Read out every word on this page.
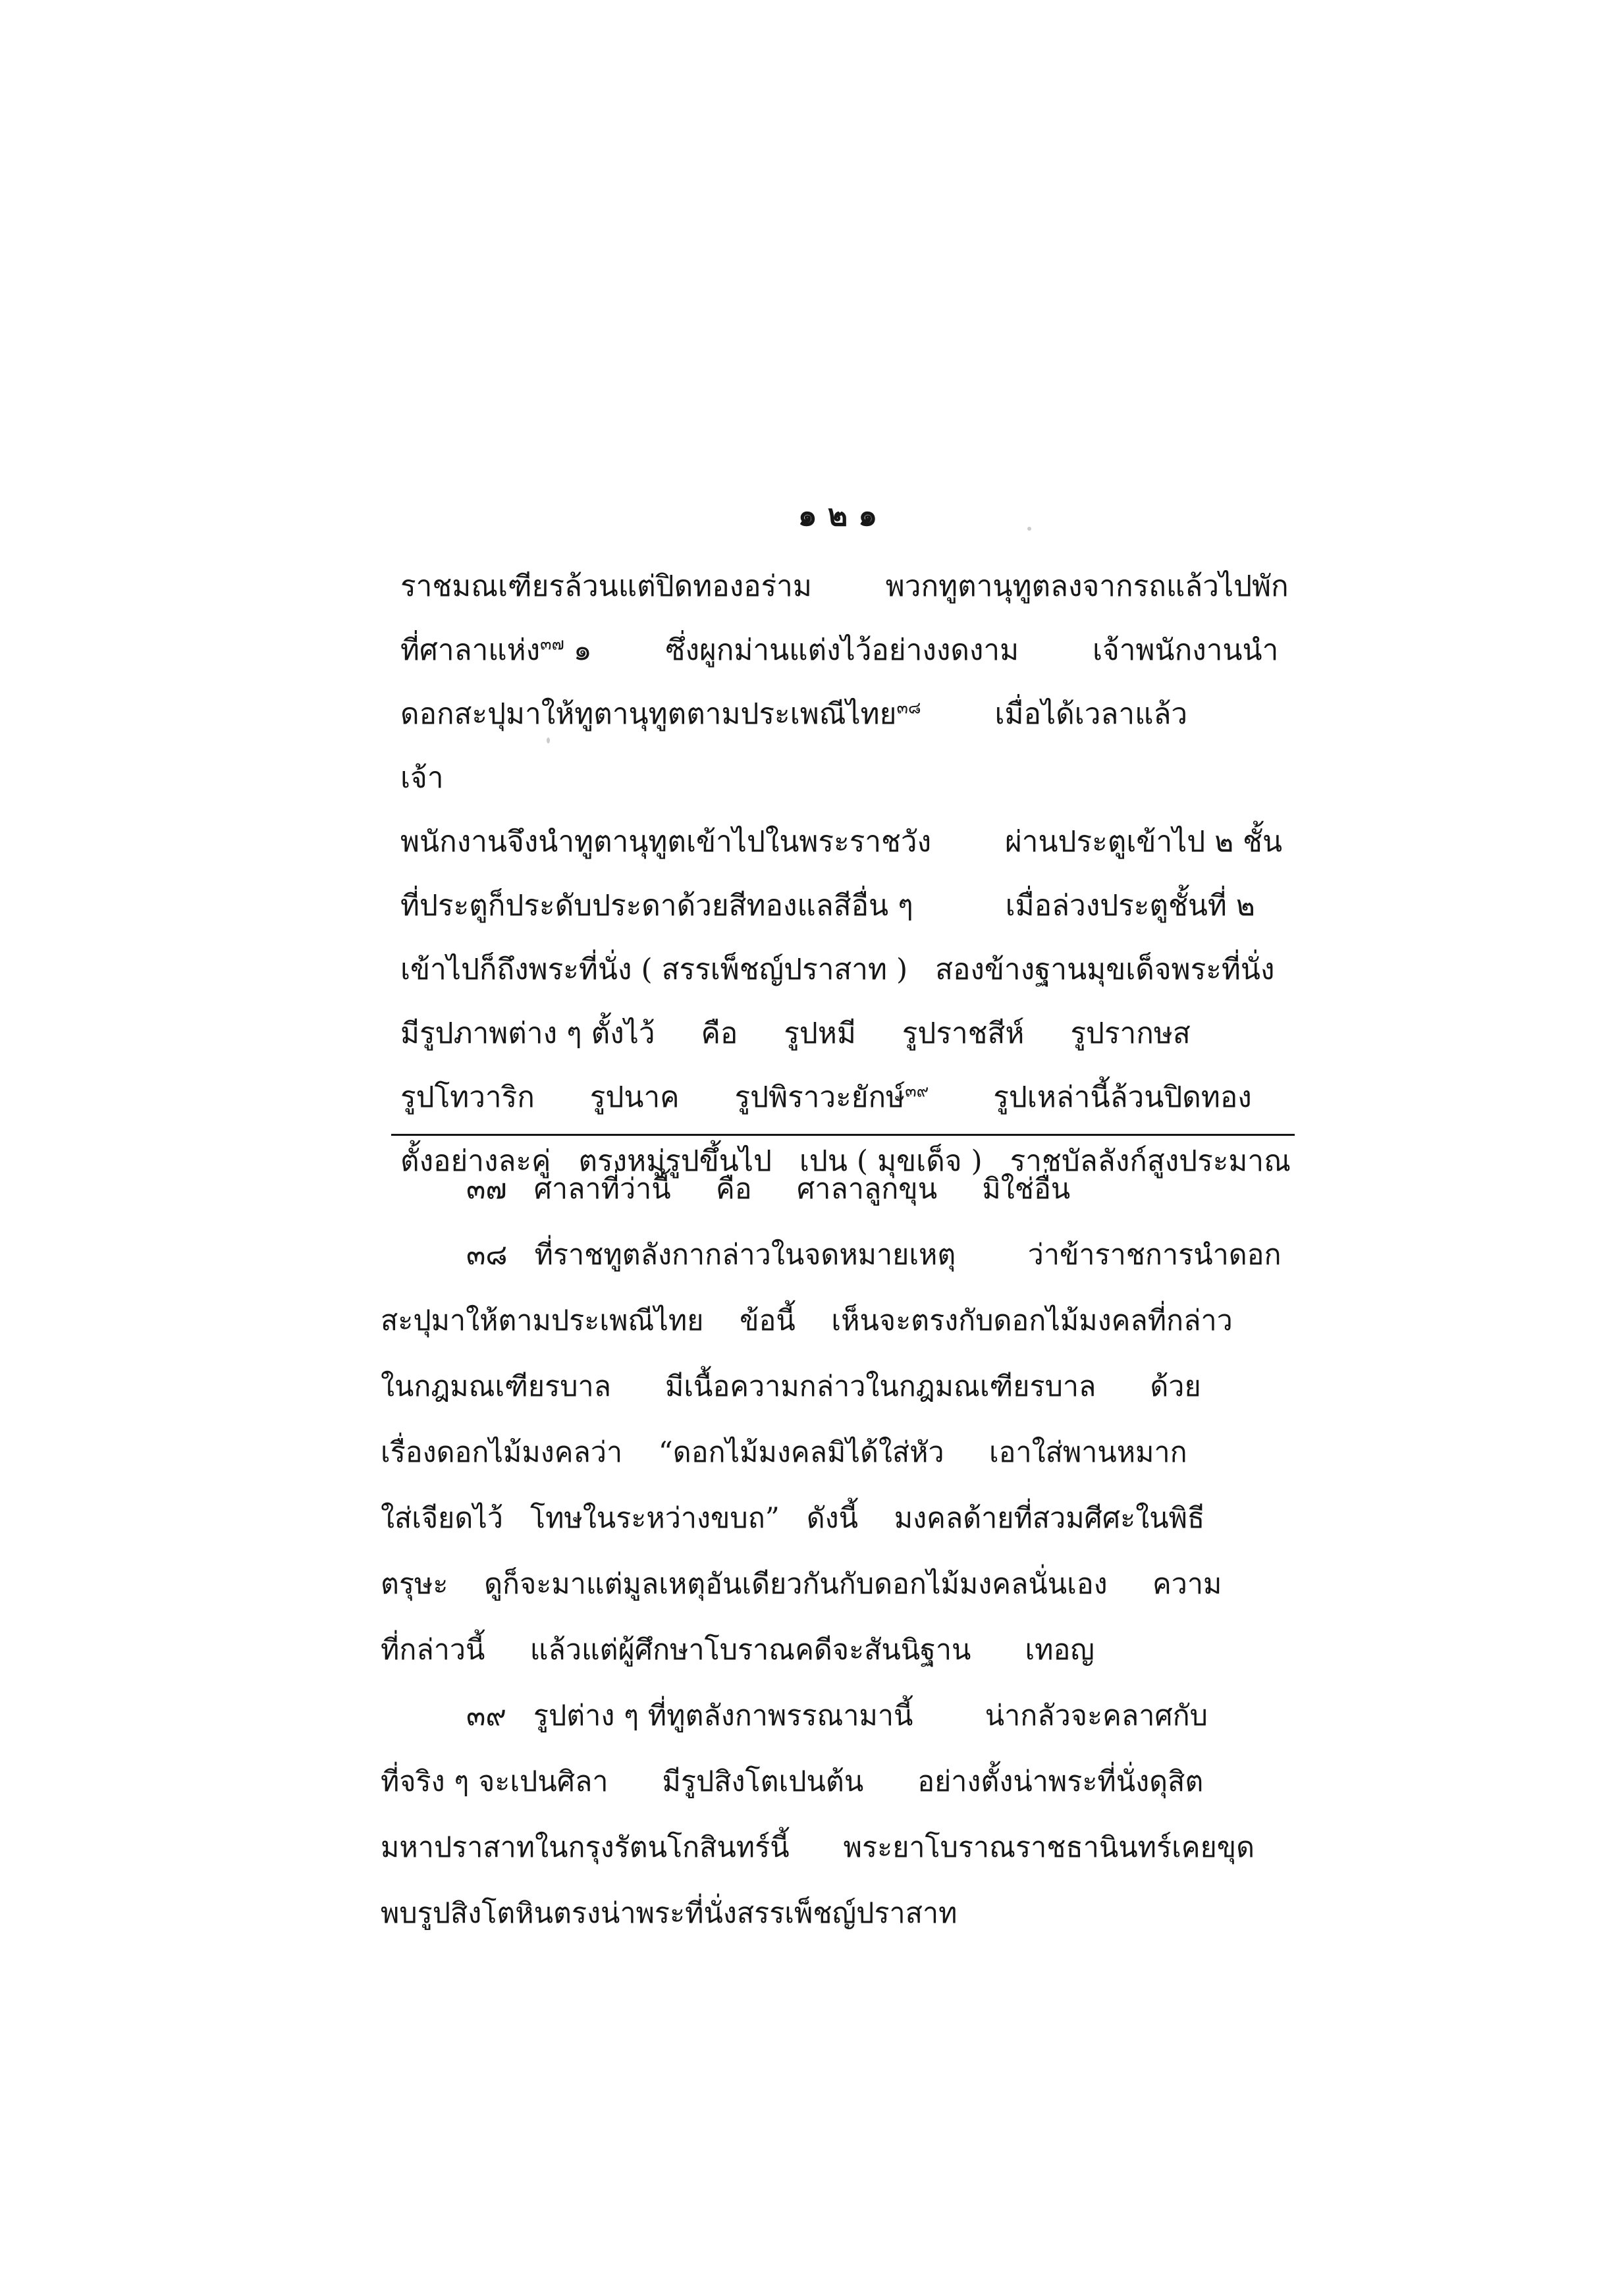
๑๒๑
ราชมณเฑียรล้วนแต่ปิดทองอร่าม        พวกทูตานุทูตลงจากรถแล้วไปพัก
ที่ศาลาแห่ง$^{๓๗}$ ๑        ซึ่งผูกม่านแต่งไว้อย่างงดงาม        เจ้าพนักงานนำ
ดอกสะปุมาให้ทูตานุทูตตามประเพณีไทย$^{๓๘}$        เมื่อได้เวลาแล้ว        เจ้า
พนักงานจึงนำทูตานุทูตเข้าไปในพระราชวัง        ผ่านประตูเข้าไป ๒ ชั้น
ที่ประตูก็ประดับประดาด้วยสีทองแลสีอื่น ๆ          เมื่อล่วงประตูชั้นที่ ๒
เข้าไปก็ถึงพระที่นั่ง ( สรรเพ็ชญ์ปราสาท )   สองข้างฐานมุขเด็จพระที่นั่ง
มีรูปภาพต่าง ๆ ตั้งไว้     คือ     รูปหมี     รูปราชสีห์     รูปรากษส
รูปโทวาริก      รูปนาค      รูปพิราวะยักษ์$^{๓๙}$       รูปเหล่านี้ล้วนปิดทอง
ตั้งอย่างละคู่   ตรงหมู่รูปขึ้นไป   เปน ( มุขเด็จ )   ราชบัลลังก์สูงประมาณ
๓๗   ศาลาที่ว่านี้     คือ     ศาลาลูกขุน     มิใช่อื่น
๓๘   ที่ราชทูตลังกากล่าวในจดหมายเหตุ        ว่าข้าราชการนำดอก
สะปุมาให้ตามประเพณีไทย    ข้อนี้    เห็นจะตรงกับดอกไม้มงคลที่กล่าว
ในกฎมณเฑียรบาล      มีเนื้อความกล่าวในกฎมณเฑียรบาล      ด้วย
เรื่องดอกไม้มงคลว่า    “ดอกไม้มงคลมิได้ใส่หัว     เอาใส่พานหมาก
ใส่เจียดไว้   โทษในระหว่างขบถ”   ดังนี้    มงคลด้ายที่สวมศีศะในพิธี
ตรุษะ    ดูก็จะมาแต่มูลเหตุอันเดียวกันกับดอกไม้มงคลนั่นเอง     ความ
ที่กล่าวนี้     แล้วแต่ผู้ศึกษาโบราณคดีจะสันนิฐาน      เทอญ
๓๙   รูปต่าง ๆ ที่ทูตลังกาพรรณามานี้        น่ากลัวจะคลาศกับ
ที่จริง ๆ จะเปนศิลา      มีรูปสิงโตเปนต้น      อย่างตั้งน่าพระที่นั่งดุสิต
มหาปราสาทในกรุงรัตนโกสินทร์นี้      พระยาโบราณราชธานินทร์เคยขุด
พบรูปสิงโตหินตรงน่าพระที่นั่งสรรเพ็ชญ์ปราสาท
